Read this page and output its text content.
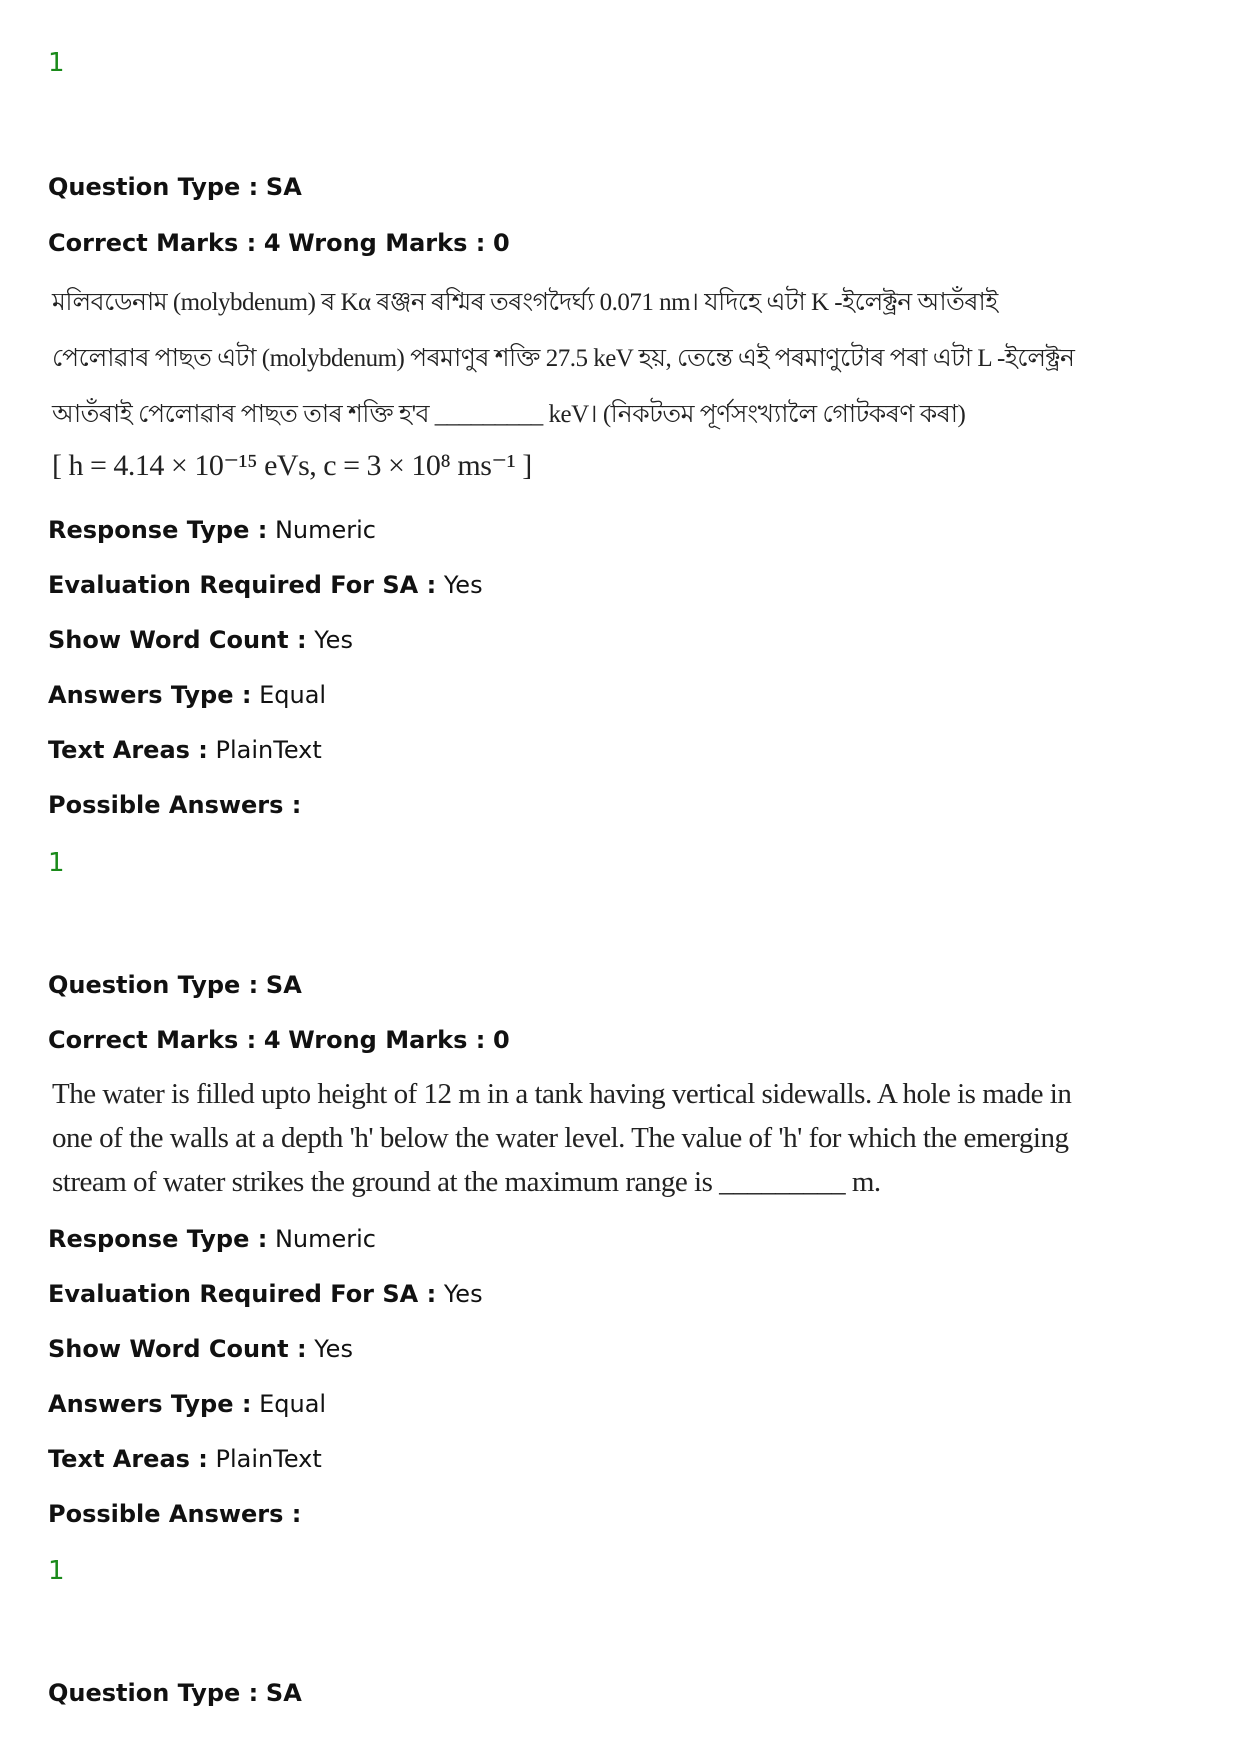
1
Question Type : SA
Correct Marks : 4 Wrong Marks : 0
মলিবডেনাম (molybdenum) ৰ Kα ৰঞ্জন ৰশ্মিৰ তৰংগদৈৰ্ঘ্য 0.071 nm। যদিহে এটা K -ইলেক্ট্ৰন আতঁৰাই
পেলোৱাৰ পাছত এটা (molybdenum) পৰমাণুৰ শক্তি 27.5 keV হয়, তেন্তে এই পৰমাণুটোৰ পৰা এটা L -ইলেক্ট্ৰন
আতঁৰাই পেলোৱাৰ পাছত তাৰ শক্তি হ'ব _________ keV। (নিকটতম পূৰ্ণসংখ্যালৈ গোটকৰণ কৰা)
[ h = 4.14 × 10⁻¹⁵ eVs, c = 3 × 10⁸ ms⁻¹ ]
Response Type : Numeric
Evaluation Required For SA : Yes
Show Word Count : Yes
Answers Type : Equal
Text Areas : PlainText
Possible Answers :
1
Question Type : SA
Correct Marks : 4 Wrong Marks : 0
The water is filled upto height of 12 m in a tank having vertical sidewalls. A hole is made in
one of the walls at a depth 'h' below the water level. The value of 'h' for which the emerging
stream of water strikes the ground at the maximum range is _________ m.
Response Type : Numeric
Evaluation Required For SA : Yes
Show Word Count : Yes
Answers Type : Equal
Text Areas : PlainText
Possible Answers :
1
Question Type : SA
